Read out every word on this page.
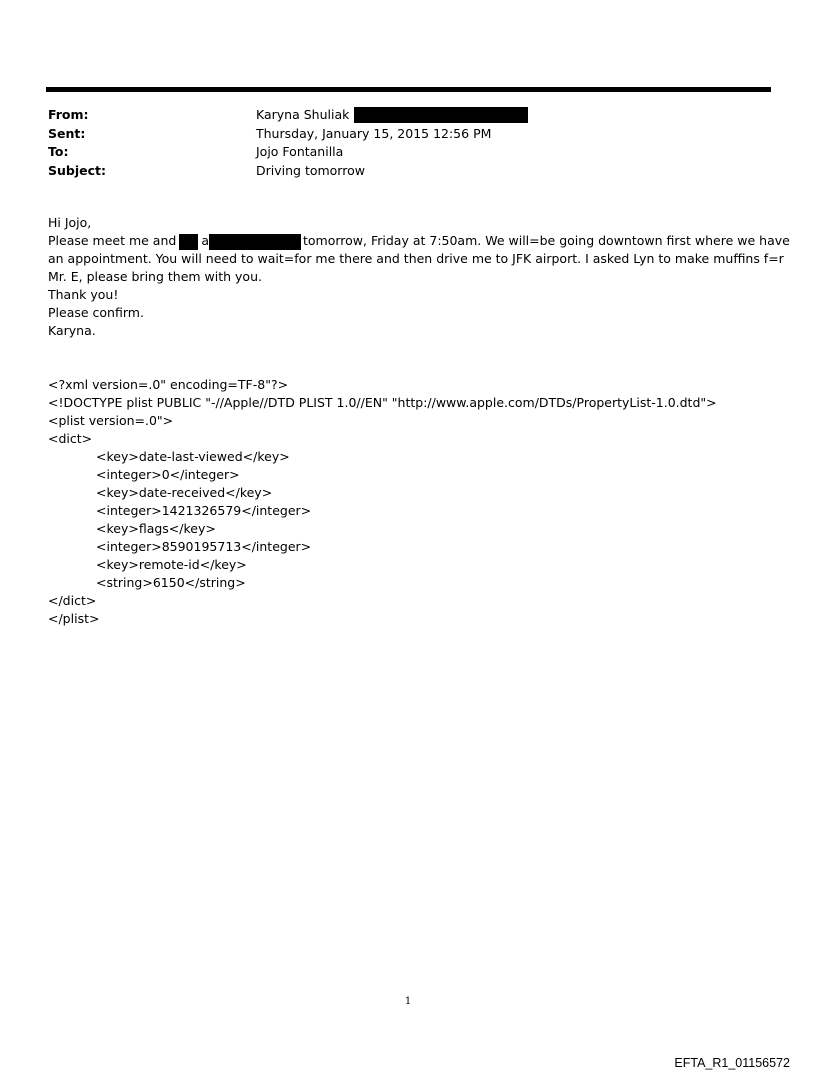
From:	Karyna Shuliak
Sent:	Thursday, January 15, 2015 12:56 PM
To:	Jojo Fontanilla
Subject:	Driving tomorrow
Hi Jojo,
Please meet me and a	tomorrow, Friday at 7:50am. We will=be going downtown first where we have
an appointment. You will need to wait=for me there and then drive me to JFK airport. I asked Lyn to make muffins f=r
Mr. E, please bring them with you.
Thank you!
Please confirm.
Karyna.
<?xml version=.0" encoding=TF-8"?>
<!DOCTYPE plist PUBLIC "-//Apple//DTD PLIST 1.0//EN" "http://www.apple.com/DTDs/PropertyList-1.0.dtd">
<plist version=.0">
<dict>
<key>date-last-viewed</key>
<integer>0</integer>
<key>date-received</key>
<integer>1421326579</integer>
<key>flags</key>
<integer>8590195713</integer>
<key>remote-id</key>
<string>6150</string>
</dict>
</plist>
1
EFTA_R1_01156572
